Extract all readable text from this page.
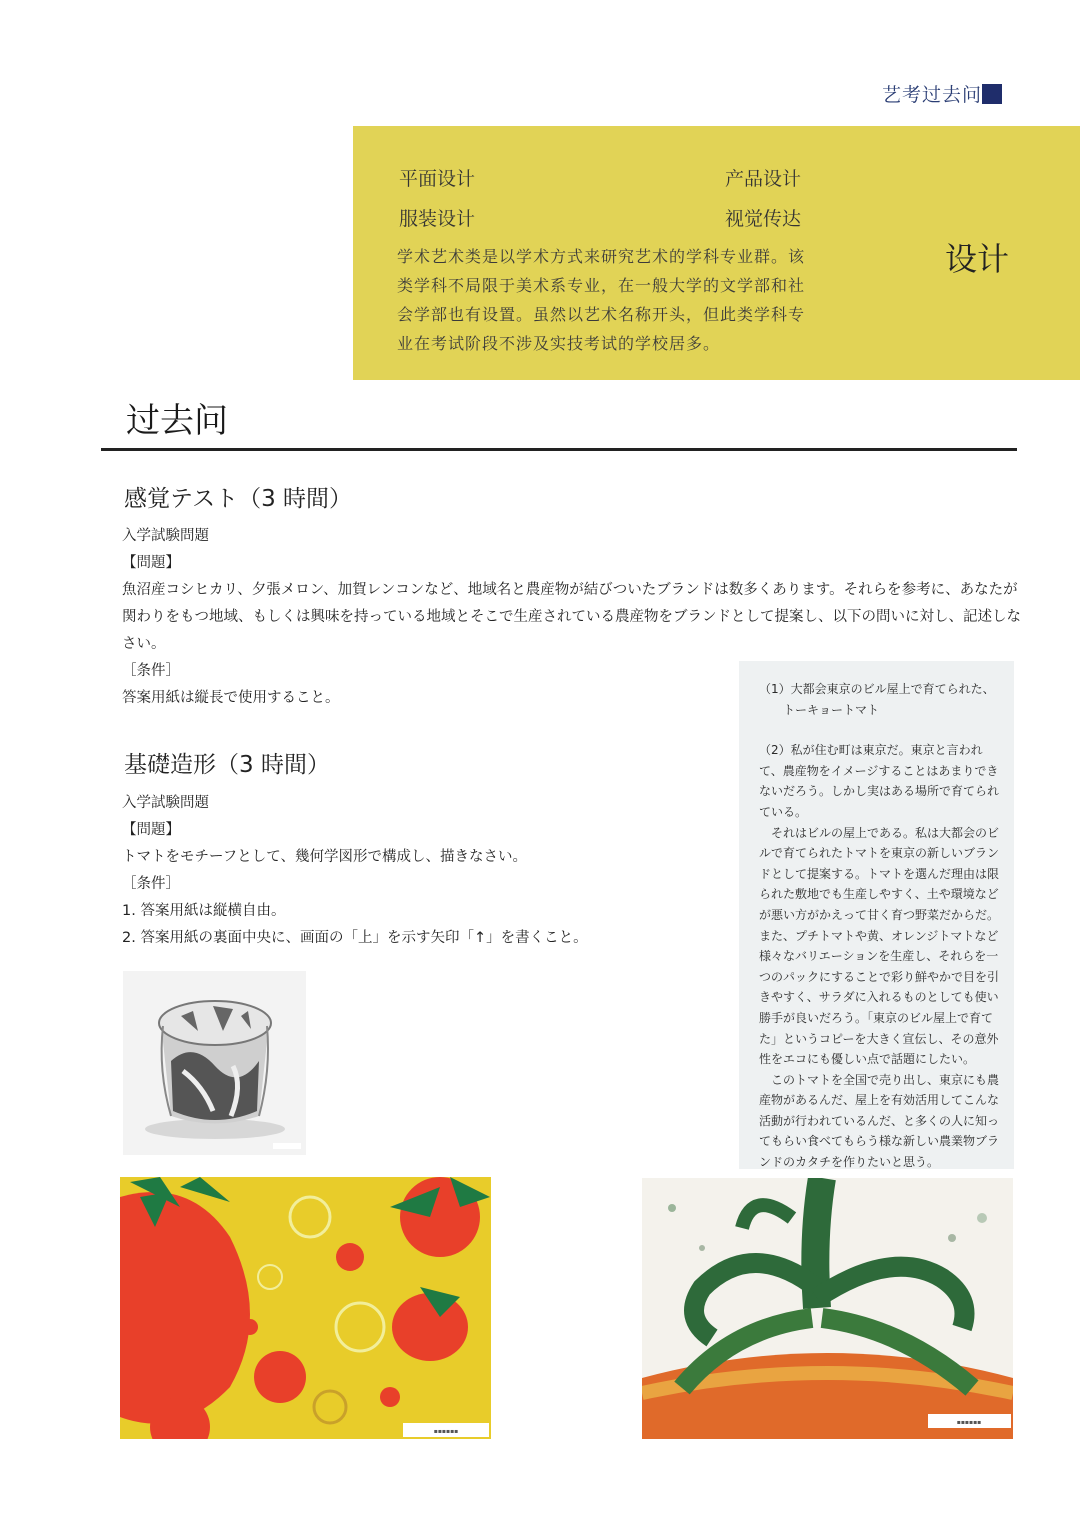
艺考过去问
平面设计	产品设计
服装设计	视觉传达
学术艺术类是以学术方式来研究艺术的学科专业群。该类学科不局限于美术系专业，在一般大学的文学部和社会学部也有设置。虽然以艺术名称开头，但此类学科专业在考试阶段不涉及实技考试的学校居多。
设计
过去问
感覚テスト（3 時間）
入学試験問題
【問題】
魚沼産コシヒカリ、夕張メロン、加賀レンコンなど、地域名と農産物が結びついたブランドは数多くあります。それらを参考に、あなたが関わりをもつ地域、もしくは興味を持っている地域とそこで生産されている農産物をブランドとして提案し、以下の問いに対し、記述しなさい。
［条件］
答案用紙は縦長で使用すること。
基礎造形（3 時間）
入学試験問題
【問題】
トマトをモチーフとして、幾何学図形で構成し、描きなさい。
［条件］
1. 答案用紙は縦横自由。
2. 答案用紙の裏面中央に、画面の「上」を示す矢印「↑」を書くこと。

（1）大都会東京のビル屋上で育てられた、
　　トーキョートマト

（2）私が住む町は東京だ。東京と言われて、農産物をイメージすることはあまりできないだろう。しかし実はある場所で育てられている。
　それはビルの屋上である。私は大都会のビルで育てられたトマトを東京の新しいブランドとして提案する。トマトを選んだ理由は限られた敷地でも生産しやすく、土や環境などが悪い方がかえって甘く育つ野菜だからだ。また、プチトマトや黄、オレンジトマトなど様々なバリエーションを生産し、それらを一つのパックにすることで彩り鮮やかで目を引きやすく、サラダに入れるものとしても使い勝手が良いだろう。「東京のビル屋上で育てた」というコピーを大きく宣伝し、その意外性をエコにも優しい点で話題にしたい。
　このトマトを全国で売り出し、東京にも農産物があるんだ、屋上を有効活用してこんな活動が行われているんだ、と多くの人に知ってもらい食べてもらう様な新しい農業物ブランドのカタチを作りたいと思う。

▪▪▪▪▪▪
▪▪▪▪▪▪
